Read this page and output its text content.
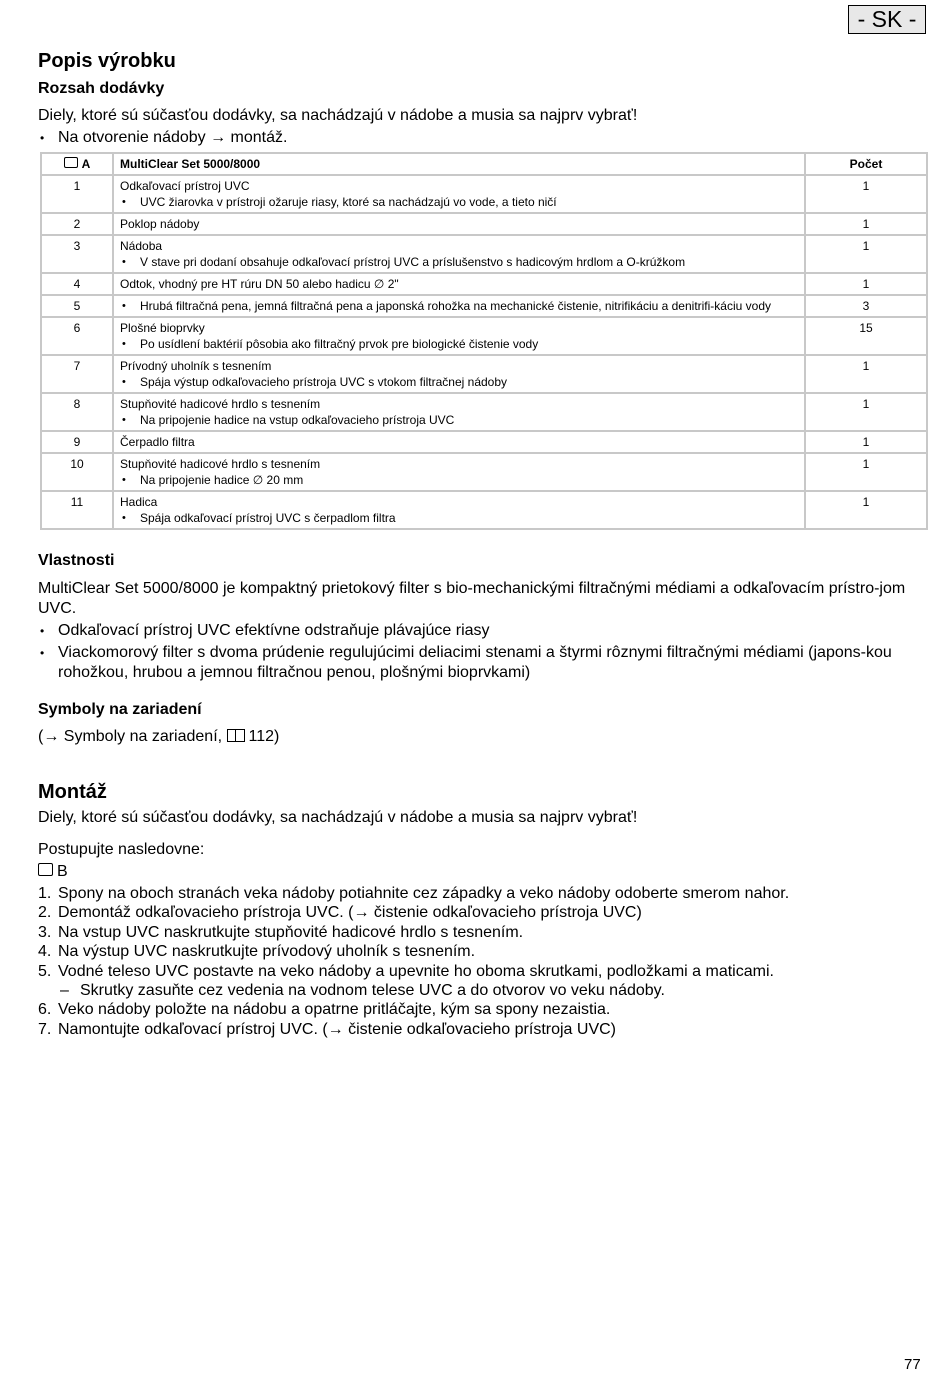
- SK -
Popis výrobku
Rozsah dodávky

Diely, ktoré sú súčasťou dodávky, sa nachádzajú v nádobe a musia sa najprv vybrať!

• Na otvorenie nádoby → montáž.
A	MultiClear Set 5000/8000	Počet
1	Odkaľovací prístroj UVC
• UVC žiarovka v prístroji ožaruje riasy, ktoré sa nachádzajú vo vode, a tieto ničí	1
2	Poklop nádoby	1
3	Nádoba
• V stave pri dodaní obsahuje odkaľovací prístroj UVC a príslušenstvo s hadicovým hrdlom a O-krúžkom	1
4	Odtok, vhodný pre HT rúru DN 50 alebo hadicu ∅ 2"	1
5	• Hrubá filtračná pena, jemná filtračná pena a japonská rohožka na mechanické čistenie, nitrifikáciu a denitrifi-káciu vody	3
6	Plošné bioprvky
• Po usídlení baktérií pôsobia ako filtračný prvok pre biologické čistenie vody	15
7	Prívodný uholník s tesnením
• Spája výstup odkaľovacieho prístroja UVC s vtokom filtračnej nádoby	1
8	Stupňovité hadicové hrdlo s tesnením
• Na pripojenie hadice na vstup odkaľovacieho prístroja UVC	1
9	Čerpadlo filtra	1
10	Stupňovité hadicové hrdlo s tesnením
• Na pripojenie hadice ∅ 20 mm	1
11	Hadica
• Spája odkaľovací prístroj UVC s čerpadlom filtra	1
Vlastnosti

MultiClear Set 5000/8000 je kompaktný prietokový filter s bio-mechanickými filtračnými médiami a odkaľovacím prístro-jom UVC.

• Odkaľovací prístroj UVC efektívne odstraňuje plávajúce riasy
• Viackomorový filter s dvoma prúdenie regulujúcimi deliacimi stenami a štyrmi rôznymi filtračnými médiami (japons-kou rohožkou, hrubou a jemnou filtračnou penou, plošnými bioprvkami)
Symboly na zariadení

(→ Symboly na zariadení, 112)

Montáž

Diely, ktoré sú súčasťou dodávky, sa nachádzajú v nádobe a musia sa najprv vybrať!

Postupujte nasledovne:

B

1. Spony na oboch stranách veka nádoby potiahnite cez západky a veko nádoby odoberte smerom nahor.
2. Demontáž odkaľovacieho prístroja UVC. (→ čistenie odkaľovacieho prístroja UVC)
3. Na vstup UVC naskrutkujte stupňovité hadicové hrdlo s tesnením.
4. Na výstup UVC naskrutkujte prívodový uholník s tesnením.
5. Vodné teleso UVC postavte na veko nádoby a upevnite ho oboma skrutkami, podložkami a maticami.
– Skrutky zasuňte cez vedenia na vodnom telese UVC a do otvorov vo veku nádoby.
6. Veko nádoby položte na nádobu a opatrne pritláčajte, kým sa spony nezaistia.
7. Namontujte odkaľovací prístroj UVC. (→ čistenie odkaľovacieho prístroja UVC)
77
